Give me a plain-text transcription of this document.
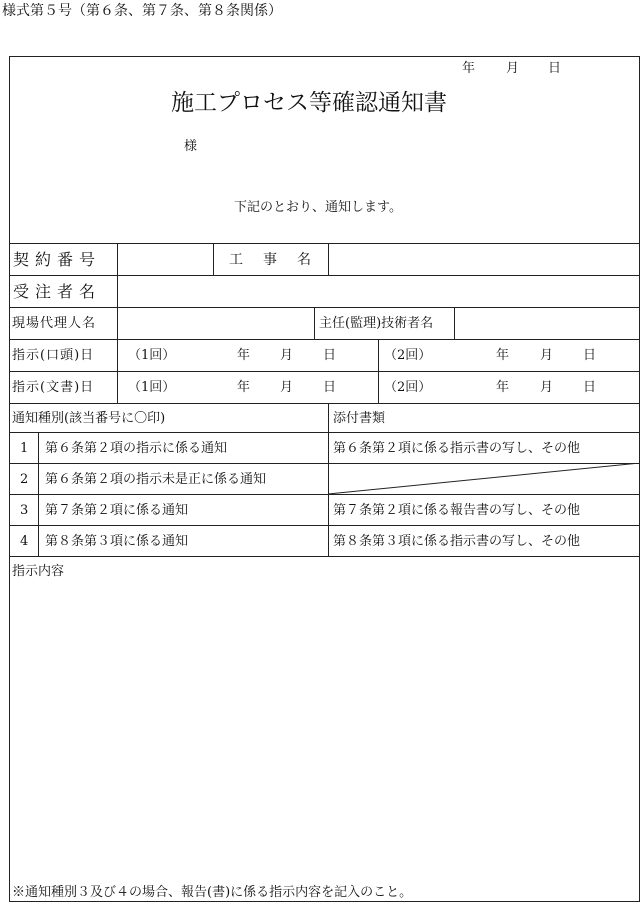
様式第５号（第６条、第７条、第８条関係）
年 月 日
施工プロセス等確認通知書
様
下記のとおり、通知します。
契約番号	工事名
受注者名
現場代理人名	主任(監理)技術者名
指示(口頭)日	（1回）	年 月 日	（2回）	年 月 日
指示(文書)日	（1回）	年 月 日	（2回）	年 月 日
通知種別(該当番号に〇印)	添付書類
1 第６条第２項の指示に係る通知	第６条第２項に係る指示書の写し、その他
2 第６条第２項の指示未是正に係る通知
3 第７条第２項に係る通知	第７条第２項に係る報告書の写し、その他
4 第８条第３項に係る通知	第８条第３項に係る指示書の写し、その他
指示内容
※通知種別３及び４の場合、報告(書)に係る指示内容を記入のこと。
